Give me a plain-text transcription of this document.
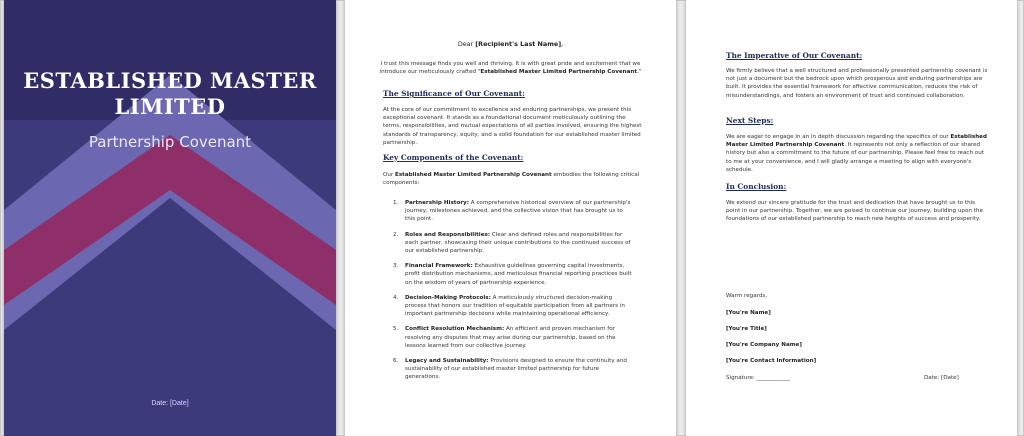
ESTABLISHED MASTER
LIMITED
Partnership Covenant
Date: [Date]
Dear [Recipient's Last Name],
I trust this message finds you well and thriving. It is with great pride and excitement that we
introduce our meticulously crafted "Established Master Limited Partnership Covenant."
The Significance of Our Covenant:
At the core of our commitment to excellence and enduring partnerships, we present this exceptional covenant. It stands as a foundational document meticulously outlining the terms, responsibilities, and mutual expectations of all parties involved, ensuring the highest standards of transparency, equity, and a solid foundation for our established master limited partnership.
Key Components of the Covenant:
Our Established Master Limited Partnership Covenant embodies the following critical components:
1. Partnership History: A comprehensive historical overview of our partnership's journey, milestones achieved, and the collective vision that has brought us to this point.
2. Roles and Responsibilities: Clear and defined roles and responsibilities for each partner, showcasing their unique contributions to the continued success of our established partnership.
3. Financial Framework: Exhaustive guidelines governing capital investments, profit distribution mechanisms, and meticulous financial reporting practices built on the wisdom of years of partnership experience.
4. Decision-Making Protocols: A meticulously structured decision-making process that honors our tradition of equitable participation from all partners in important partnership decisions while maintaining operational efficiency.
5. Conflict Resolution Mechanism: An efficient and proven mechanism for resolving any disputes that may arise during our partnership, based on the lessons learned from our collective journey.
6. Legacy and Sustainability: Provisions designed to ensure the continuity and sustainability of our established master limited partnership for future generations.
The Imperative of Our Covenant:
We firmly believe that a well structured and professionally presented partnership covenant is not just a document but the bedrock upon which prosperous and enduring partnerships are built. It provides the essential framework for effective communication, reduces the risk of misunderstandings, and fosters an environment of trust and continued collaboration.
Next Steps:
We are eager to engage in an in depth discussion regarding the specifics of our Established Master Limited Partnership Covenant. It represents not only a reflection of our shared history but also a commitment to the future of our partnership. Please feel free to reach out to me at your convenience, and I will gladly arrange a meeting to align with everyone's schedule.
In Conclusion:
We extend our sincere gratitude for the trust and dedication that have brought us to this point in our partnership. Together, we are poised to continue our journey, building upon the foundations of our established partnership to reach new heights of success and prosperity.
Warm regards,
[You're Name]
[You're Title]
[You're Company Name]
[You're Contact Information]
Signature: ____________	Date: [Date]
